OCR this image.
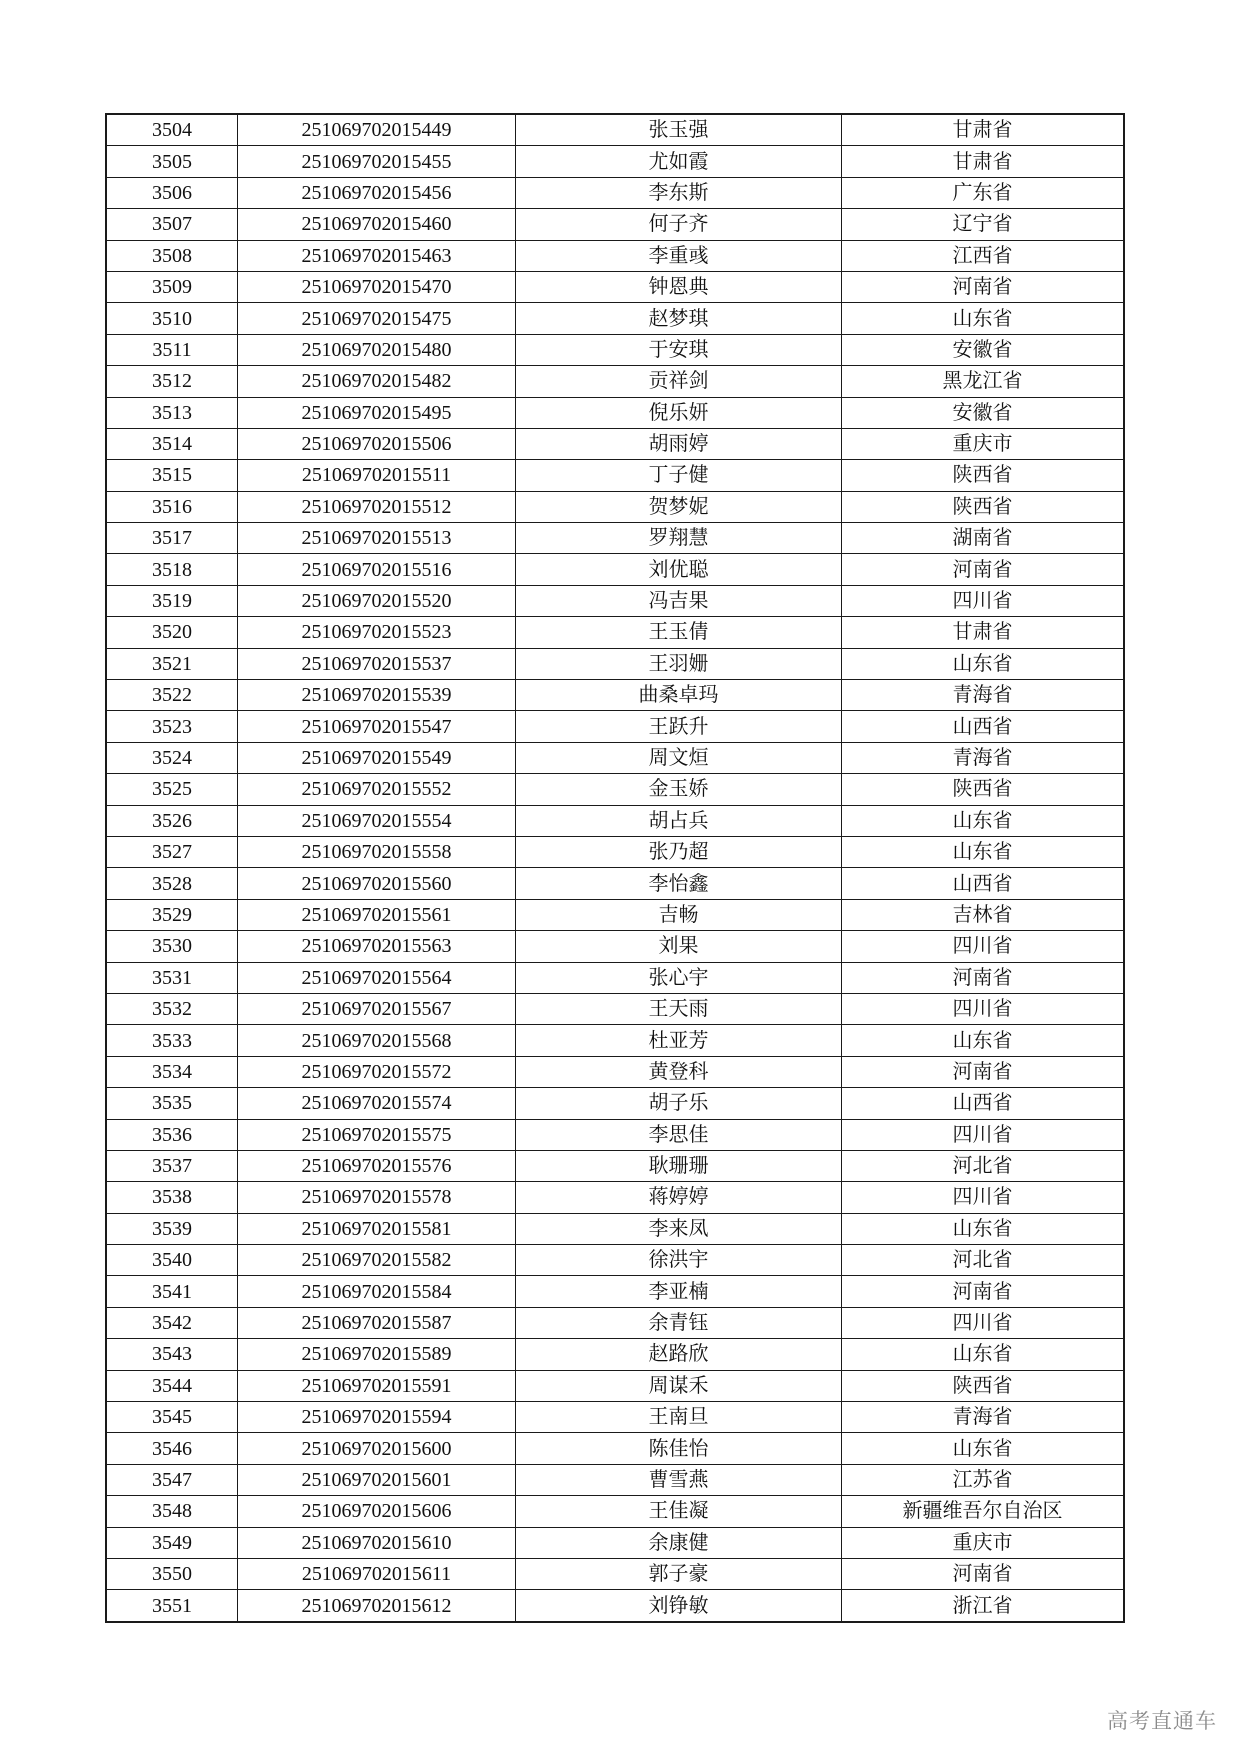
3504	251069702015449	张玉强	甘肃省
3505	251069702015455	尤如霞	甘肃省
3506	251069702015456	李东斯	广东省
3507	251069702015460	何子齐	辽宁省
3508	251069702015463	李重彧	江西省
3509	251069702015470	钟恩典	河南省
3510	251069702015475	赵梦琪	山东省
3511	251069702015480	于安琪	安徽省
3512	251069702015482	贡祥剑	黑龙江省
3513	251069702015495	倪乐妍	安徽省
3514	251069702015506	胡雨婷	重庆市
3515	251069702015511	丁子健	陕西省
3516	251069702015512	贺梦妮	陕西省
3517	251069702015513	罗翔慧	湖南省
3518	251069702015516	刘优聪	河南省
3519	251069702015520	冯吉果	四川省
3520	251069702015523	王玉倩	甘肃省
3521	251069702015537	王羽姗	山东省
3522	251069702015539	曲桑卓玛	青海省
3523	251069702015547	王跃升	山西省
3524	251069702015549	周文烜	青海省
3525	251069702015552	金玉娇	陕西省
3526	251069702015554	胡占兵	山东省
3527	251069702015558	张乃超	山东省
3528	251069702015560	李怡鑫	山西省
3529	251069702015561	吉畅	吉林省
3530	251069702015563	刘果	四川省
3531	251069702015564	张心宇	河南省
3532	251069702015567	王天雨	四川省
3533	251069702015568	杜亚芳	山东省
3534	251069702015572	黄登科	河南省
3535	251069702015574	胡子乐	山西省
3536	251069702015575	李思佳	四川省
3537	251069702015576	耿珊珊	河北省
3538	251069702015578	蒋婷婷	四川省
3539	251069702015581	李来凤	山东省
3540	251069702015582	徐洪宇	河北省
3541	251069702015584	李亚楠	河南省
3542	251069702015587	余青钰	四川省
3543	251069702015589	赵路欣	山东省
3544	251069702015591	周谋禾	陕西省
3545	251069702015594	王南旦	青海省
3546	251069702015600	陈佳怡	山东省
3547	251069702015601	曹雪燕	江苏省
3548	251069702015606	王佳凝	新疆维吾尔自治区
3549	251069702015610	余康健	重庆市
3550	251069702015611	郭子豪	河南省
3551	251069702015612	刘铮敏	浙江省
高考直通车
